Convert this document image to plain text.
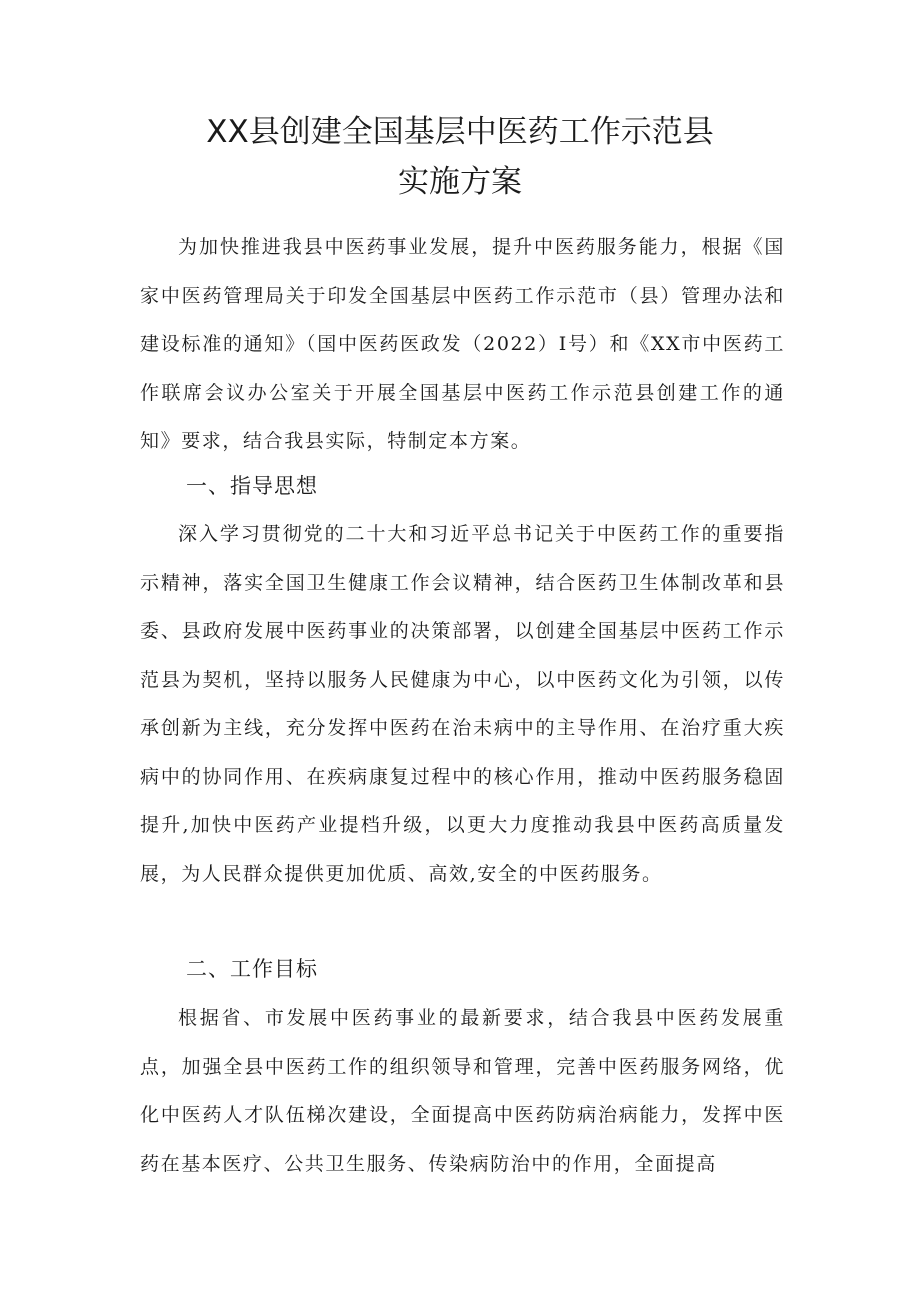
XX县创建全国基层中医药工作示范县
实施方案

为加快推进我县中医药事业发展，提升中医药服务能力，根据《国家中医药管理局关于印发全国基层中医药工作示范市（县）管理办法和建设标准的通知》（国中医药医政发（2022）I号）和《XX市中医药工作联席会议办公室关于开展全国基层中医药工作示范县创建工作的通知》要求，结合我县实际，特制定本方案。

一、指导思想

深入学习贯彻党的二十大和习近平总书记关于中医药工作的重要指示精神，落实全国卫生健康工作会议精神，结合医药卫生体制改革和县委、县政府发展中医药事业的决策部署，以创建全国基层中医药工作示范县为契机，坚持以服务人民健康为中心，以中医药文化为引领，以传承创新为主线，充分发挥中医药在治未病中的主导作用、在治疗重大疾病中的协同作用、在疾病康复过程中的核心作用，推动中医药服务稳固提升,加快中医药产业提档升级，以更大力度推动我县中医药高质量发展，为人民群众提供更加优质、高效,安全的中医药服务。

二、工作目标

根据省、市发展中医药事业的最新要求，结合我县中医药发展重点，加强全县中医药工作的组织领导和管理，完善中医药服务网络，优化中医药人才队伍梯次建设，全面提高中医药防病治病能力，发挥中医药在基本医疗、公共卫生服务、传染病防治中的作用，全面提高
